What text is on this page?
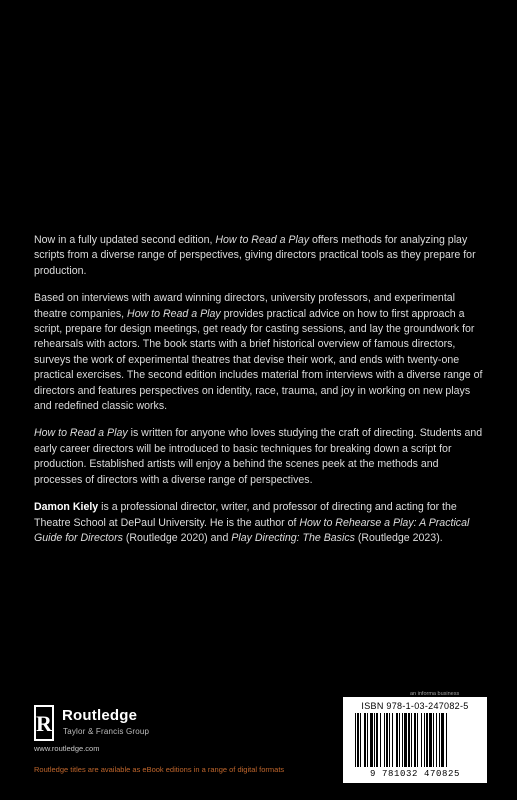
Now in a fully updated second edition, How to Read a Play offers methods for analyzing play scripts from a diverse range of perspectives, giving directors practical tools as they prepare for production.

Based on interviews with award winning directors, university professors, and experimental theatre companies, How to Read a Play provides practical advice on how to first approach a script, prepare for design meetings, get ready for casting sessions, and lay the groundwork for rehearsals with actors. The book starts with a brief historical overview of famous directors, surveys the work of experimental theatres that devise their work, and ends with twenty-one practical exercises. The second edition includes material from interviews with a diverse range of directors and features perspectives on identity, race, trauma, and joy in working on new plays and redefined classic works.

How to Read a Play is written for anyone who loves studying the craft of directing. Students and early career directors will be introduced to basic techniques for breaking down a script for production. Established artists will enjoy a behind the scenes peek at the methods and processes of directors with a diverse range of perspectives.

Damon Kiely is a professional director, writer, and professor of directing and acting for the Theatre School at DePaul University. He is the author of How to Rehearse a Play: A Practical Guide for Directors (Routledge 2020) and Play Directing: The Basics (Routledge 2023).

R Routledge
Taylor & Francis Group
www.routledge.com
Routledge titles are available as eBook editions in a range of digital formats
an informa business
ISBN 978-1-03-247082-5
9 781032 470825
